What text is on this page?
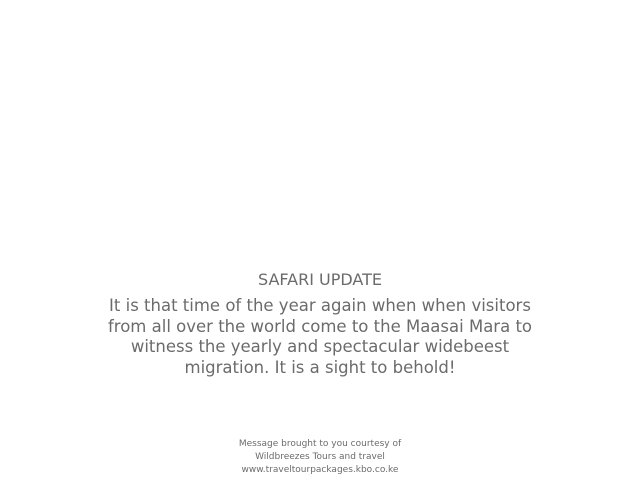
SAFARI UPDATE
It is that time of the year again when when visitors from all over the world come to the Maasai Mara to witness the yearly and spectacular widebeest migration. It is a sight to behold!
Message brought to you courtesy of
Wildbreezes Tours and travel
www.traveltourpackages.kbo.co.ke
